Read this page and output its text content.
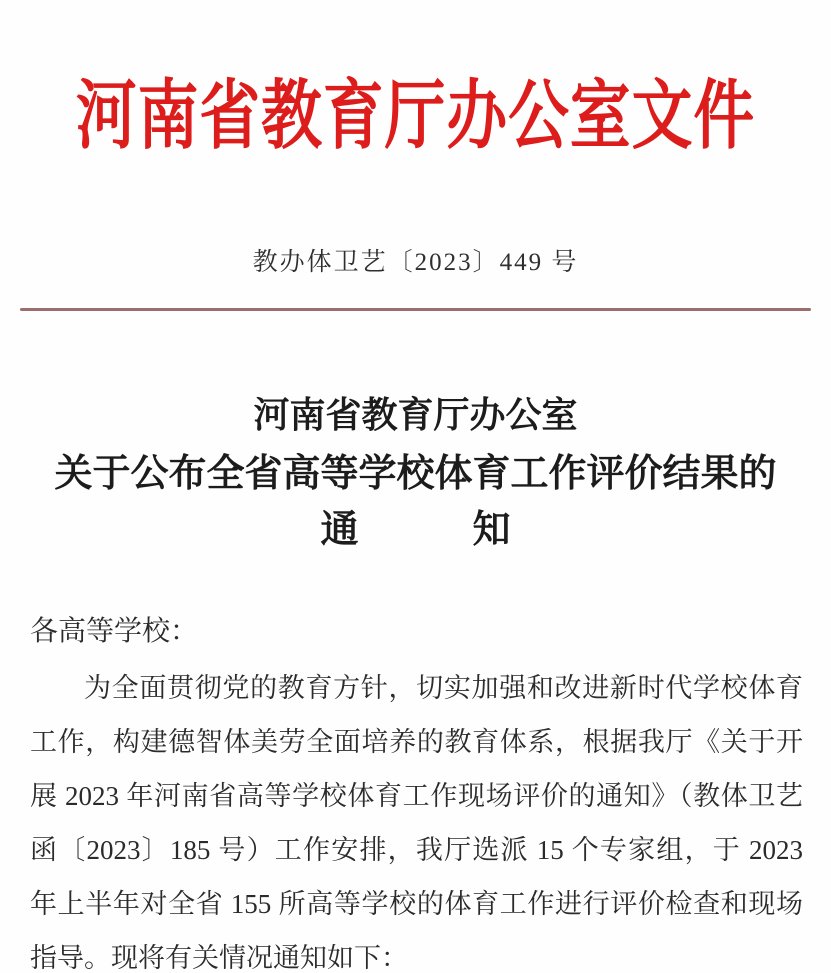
河南省教育厅办公室文件
教办体卫艺〔2023〕449 号
河南省教育厅办公室
关于公布全省高等学校体育工作评价结果的
通　　　知
各高等学校：
为全面贯彻党的教育方针，切实加强和改进新时代学校体育
工作，构建德智体美劳全面培养的教育体系，根据我厅《关于开
展 2023 年河南省高等学校体育工作现场评价的通知》（教体卫艺
函〔2023〕185 号）工作安排，我厅选派 15 个专家组，于 2023
年上半年对全省 155 所高等学校的体育工作进行评价检查和现场
指导。现将有关情况通知如下：
